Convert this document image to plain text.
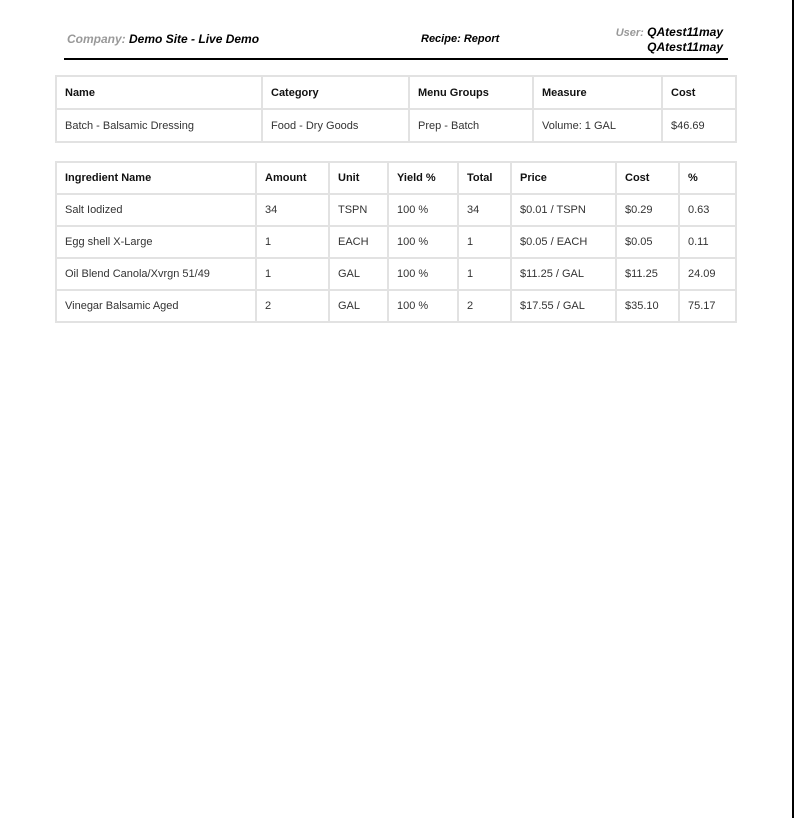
Company: Demo Site - Live Demo	Recipe: Report	User: QAtest11may
QAtest11may
Name	Category	Menu Groups	Measure	Cost
Batch - Balsamic Dressing	Food - Dry Goods	Prep - Batch	Volume: 1 GAL	$46.69
Ingredient Name	Amount	Unit	Yield %	Total	Price	Cost	%
Salt Iodized	34	TSPN	100 %	34	$0.01 / TSPN	$0.29	0.63
Egg shell X-Large	1	EACH	100 %	1	$0.05 / EACH	$0.05	0.11
Oil Blend Canola/Xvrgn 51/49	1	GAL	100 %	1	$11.25 / GAL	$11.25	24.09
Vinegar Balsamic Aged	2	GAL	100 %	2	$17.55 / GAL	$35.10	75.17
